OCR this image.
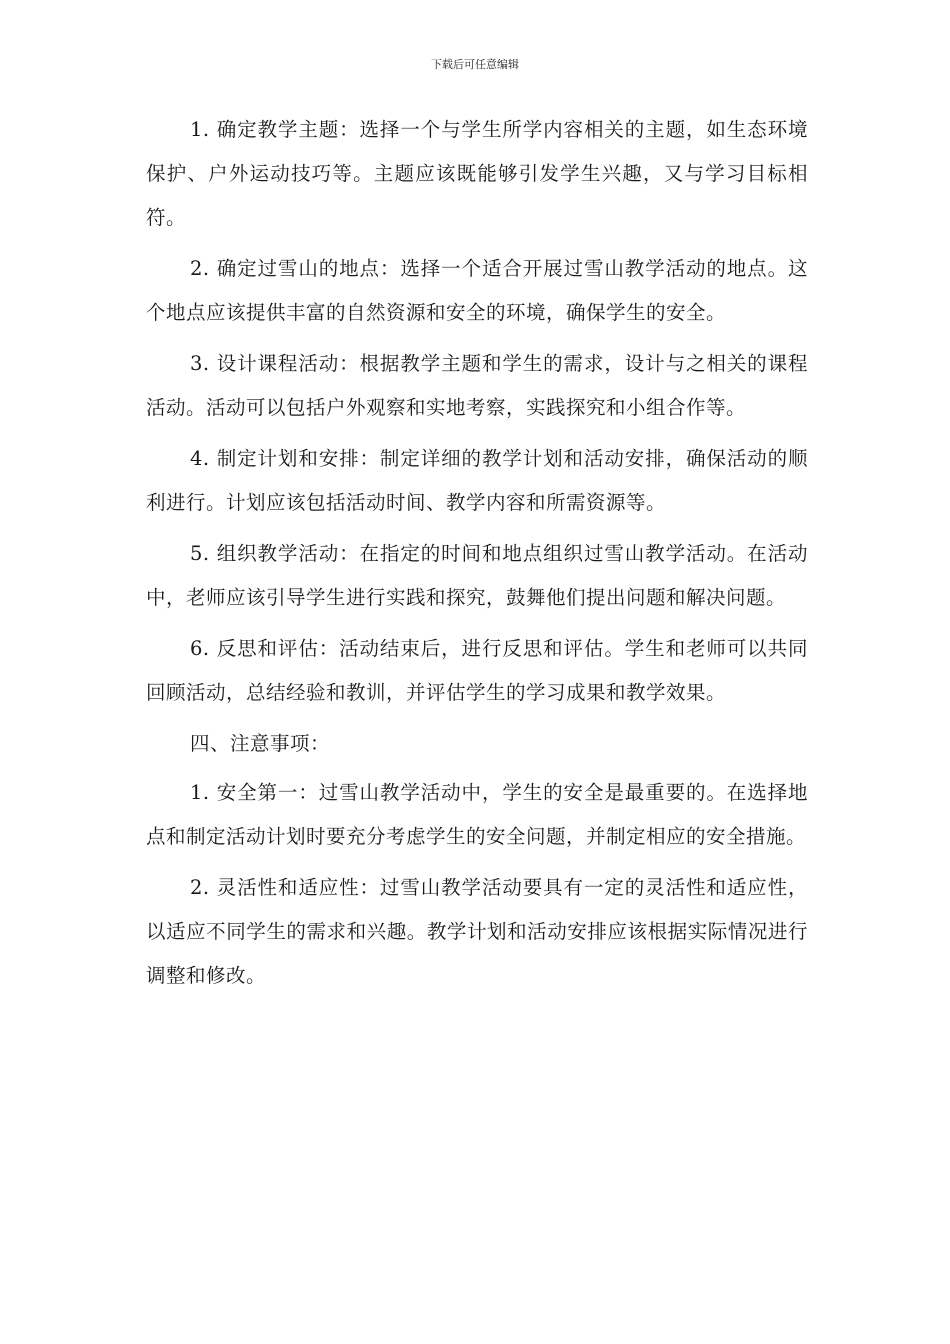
下载后可任意编辑

1. 确定教学主题：选择一个与学生所学内容相关的主题，如生态环境保护、户外运动技巧等。主题应该既能够引发学生兴趣，又与学习目标相符。

2. 确定过雪山的地点：选择一个适合开展过雪山教学活动的地点。这个地点应该提供丰富的自然资源和安全的环境，确保学生的安全。

3. 设计课程活动：根据教学主题和学生的需求，设计与之相关的课程活动。活动可以包括户外观察和实地考察，实践探究和小组合作等。

4. 制定计划和安排：制定详细的教学计划和活动安排，确保活动的顺利进行。计划应该包括活动时间、教学内容和所需资源等。

5. 组织教学活动：在指定的时间和地点组织过雪山教学活动。在活动中，老师应该引导学生进行实践和探究，鼓舞他们提出问题和解决问题。

6. 反思和评估：活动结束后，进行反思和评估。学生和老师可以共同回顾活动，总结经验和教训，并评估学生的学习成果和教学效果。

四、注意事项：

1. 安全第一：过雪山教学活动中，学生的安全是最重要的。在选择地点和制定活动计划时要充分考虑学生的安全问题，并制定相应的安全措施。

2. 灵活性和适应性：过雪山教学活动要具有一定的灵活性和适应性，以适应不同学生的需求和兴趣。教学计划和活动安排应该根据实际情况进行调整和修改。
